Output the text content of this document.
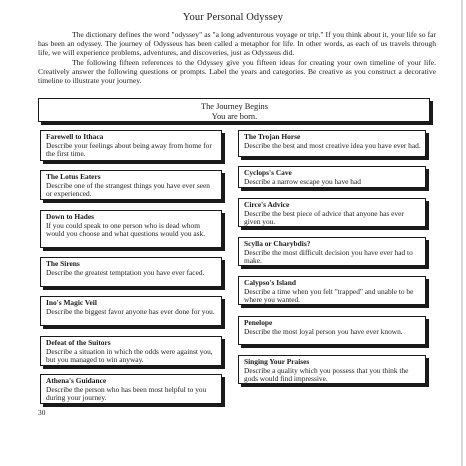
Your Personal Odyssey

The dictionary defines the word "odyssey" as "a long adventurous voyage or trip." If you think about it, your life so far has been an odyssey. The journey of Odysseus has been called a metaphor for life. In other words, as each of us travels through life, we will experience problems, adventures, and discoveries, just as Odysseus did.

The following fifteen references to the Odyssey give you fifteen ideas for creating your own timeline of your life. Creatively answer the following questions or prompts. Label the years and categories. Be creative as you construct a decorative timeline to illustrate your journey.

The Journey Begins
You are born.
Farewell to Ithaca
Describe your feelings about being away from home for the first time.
The Lotus Eaters
Describe one of the strangest things you have ever seen or experienced.
Down to Hades
If you could speak to one person who is dead whom would you choose and what questions would you ask.
The Sirens
Describe the greatest temptation you have ever faced.
Ino's Magic Veil
Describe the biggest favor anyone has ever done for you.
Defeat of the Suitors
Describe a situation in which the odds were against you, but you managed to win anyway.
Athena's Guidance
Describe the person who has been most helpful to you during your journey.
The Trojan Horse
Describe the best and most creative idea you have ever had.
Cyclops's Cave
Describe a narrow escape you have had
Circe's Advice
Describe the best piece of advice that anyone has ever given you.
Scylla or Charybdis?
Describe the most difficult decision you have ever had to make.
Calypso's Island
Describe a time when you felt "trapped" and unable to be where you wanted.
Penelope
Describe the most loyal person you have ever known.
Singing Your Praises
Describe a quality which you possess that you think the gods would find impressive.
30
